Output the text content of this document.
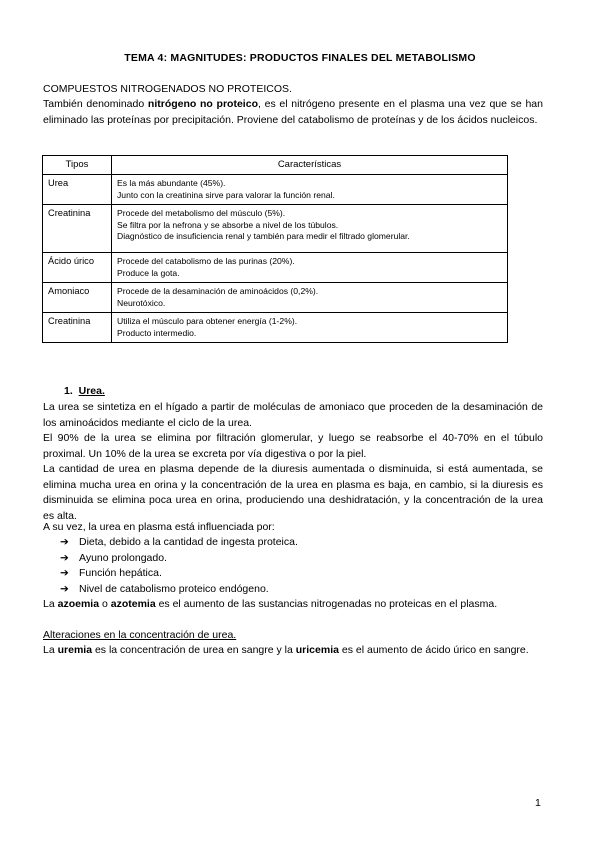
TEMA 4: MAGNITUDES: PRODUCTOS FINALES DEL METABOLISMO
COMPUESTOS NITROGENADOS NO PROTEICOS.
También denominado nitrógeno no proteico, es el nitrógeno presente en el plasma una vez que se han eliminado las proteínas por precipitación. Proviene del catabolismo de proteínas y de los ácidos nucleicos.
Tipos	Características
Urea	Es la más abundante (45%).
Junto con la creatinina sirve para valorar la función renal.

Creatinina	Procede del metabolismo del músculo (5%).
Se filtra por la nefrona y se absorbe a nivel de los túbulos.
Diagnóstico de insuficiencia renal y también para medir el filtrado glomerular.

Ácido úrico	Procede del catabolismo de las purinas (20%).
Produce la gota.

Amoniaco	Procede de la desaminación de aminoácidos (0,2%).
Neurotóxico.

Creatinina	Utiliza el músculo para obtener energía (1-2%).
Producto intermedio.
1. Urea.
La urea se sintetiza en el hígado a partir de moléculas de amoniaco que proceden de la desaminación de los aminoácidos mediante el ciclo de la urea.
El 90% de la urea se elimina por filtración glomerular, y luego se reabsorbe el 40-70% en el túbulo proximal. Un 10% de la urea se excreta por vía digestiva o por la piel.
La cantidad de urea en plasma depende de la diuresis aumentada o disminuida, si está aumentada, se elimina mucha urea en orina y la concentración de la urea en plasma es baja, en cambio, si la diuresis es disminuida se elimina poca urea en orina, produciendo una deshidratación, y la concentración de la urea es alta.
A su vez, la urea en plasma está influenciada por:
➔ Dieta, debido a la cantidad de ingesta proteica.
➔ Ayuno prolongado.
➔ Función hepática.
➔ Nivel de catabolismo proteico endógeno.
La azoemia o azotemia es el aumento de las sustancias nitrogenadas no proteicas en el plasma.
Alteraciones en la concentración de urea.
La uremia es la concentración de urea en sangre y la uricemia es el aumento de ácido úrico en sangre.
1
